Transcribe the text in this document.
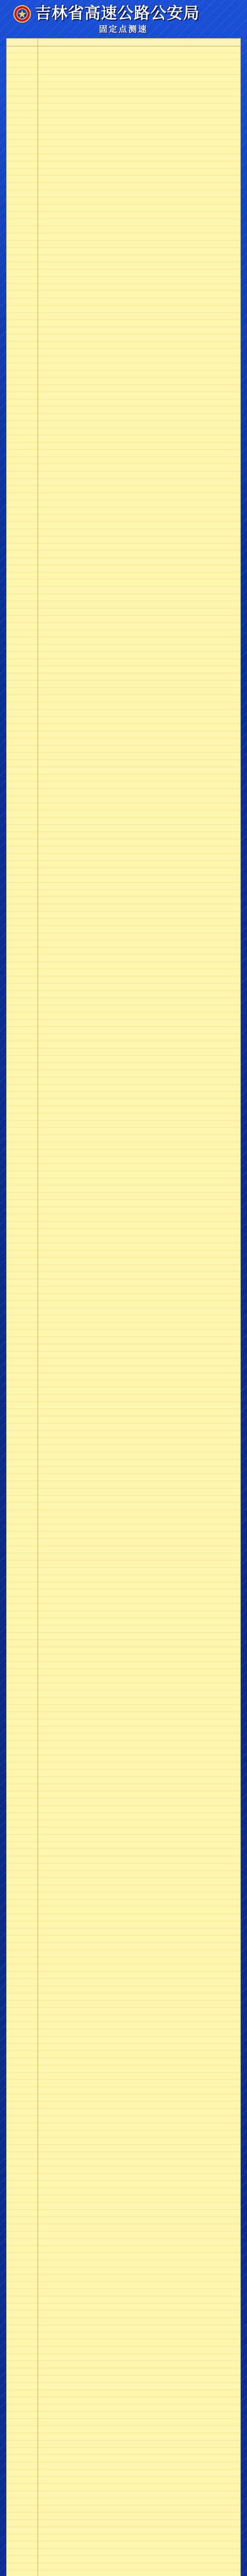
吉林省高速公路公安局
固定点测速
